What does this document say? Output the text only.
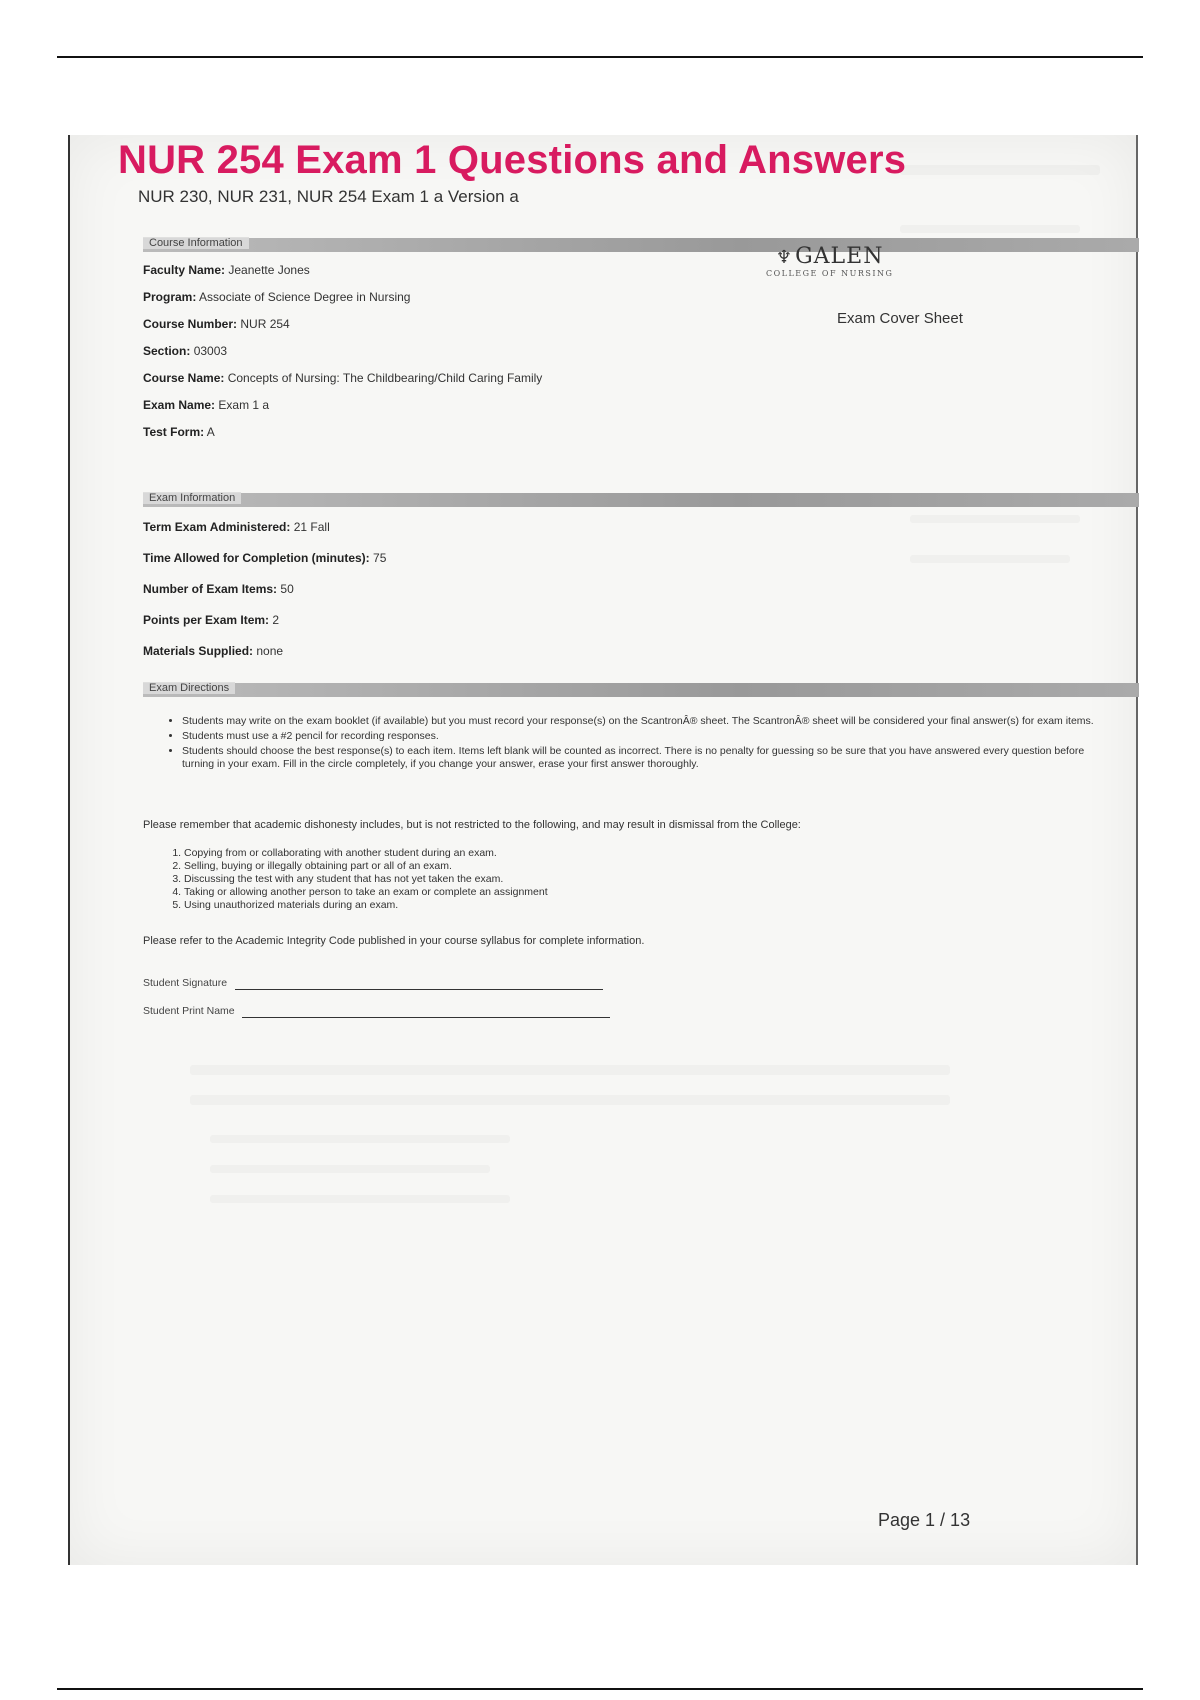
NUR 254 Exam 1 Questions and Answers
NUR 230, NUR 231, NUR 254 Exam 1 a Version a
Course Information
♆GALEN
COLLEGE OF NURSING
Exam Cover Sheet
Faculty Name: Jeanette Jones
Program: Associate of Science Degree in Nursing
Course Number: NUR 254
Section: 03003
Course Name: Concepts of Nursing: The Childbearing/Child Caring Family
Exam Name: Exam 1 a
Test Form: A
Exam Information
Term Exam Administered: 21 Fall
Time Allowed for Completion (minutes): 75
Number of Exam Items: 50
Points per Exam Item: 2
Materials Supplied: none
Exam Directions
• Students may write on the exam booklet (if available) but you must record your response(s) on the ScantronÂ® sheet. The ScantronÂ® sheet will be considered your final answer(s) for exam items.
• Students must use a #2 pencil for recording responses.
• Students should choose the best response(s) to each item. Items left blank will be counted as incorrect. There is no penalty for guessing so be sure that you have answered every question before turning in your exam. Fill in the circle completely, if you change your answer, erase your first answer thoroughly.
Please remember that academic dishonesty includes, but is not restricted to the following, and may result in dismissal from the College:
1. Copying from or collaborating with another student during an exam.
2. Selling, buying or illegally obtaining part or all of an exam.
3. Discussing the test with any student that has not yet taken the exam.
4. Taking or allowing another person to take an exam or complete an assignment
5. Using unauthorized materials during an exam.
Please refer to the Academic Integrity Code published in your course syllabus for complete information.
Student Signature
Student Print Name
Page 1 / 13
